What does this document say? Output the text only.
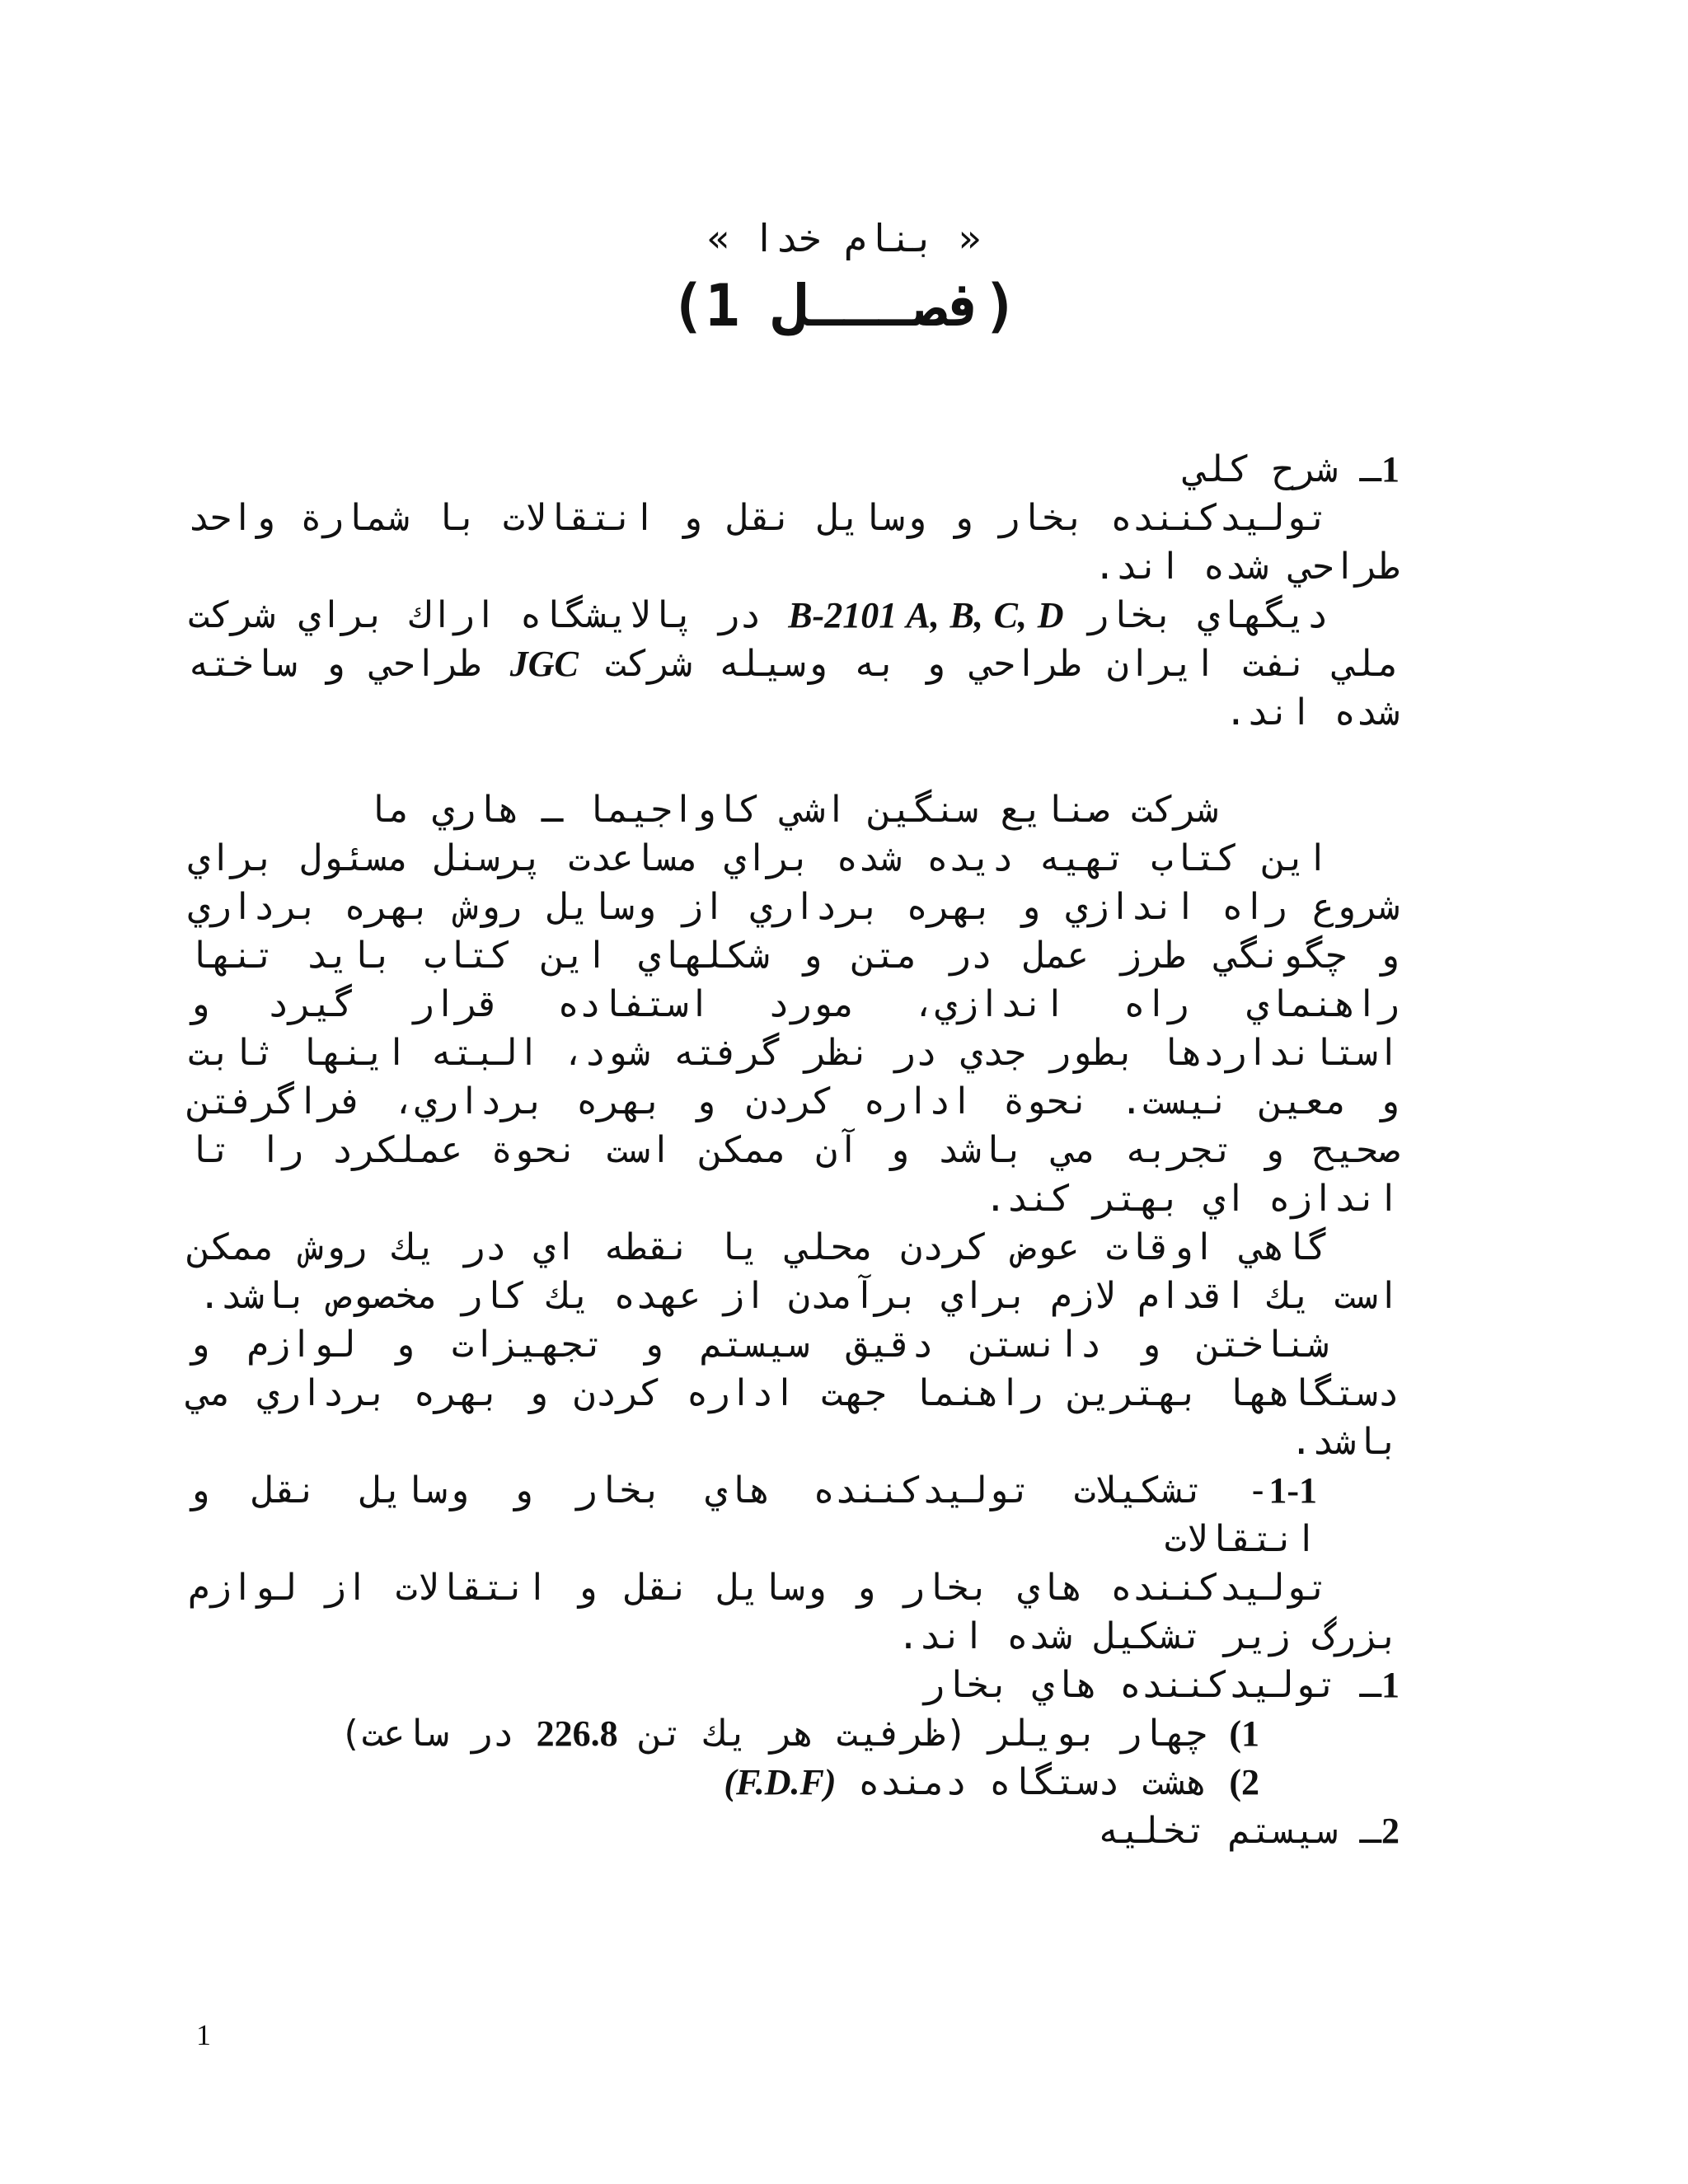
« بنام خدا »
(فصـــل 1)

1ـ شرح كلي

توليدكننده بخار و وسايل نقل و انتقالات با شمارة واحد طراحي شده اند.

ديگهاي بخار B-2101 A, B, C, D در پالايشگاه اراك براي شركت ملي نفت ايران طراحي و به وسيله شركت JGC طراحي و ساخته شده اند.

شركت صنايع سنگين اشي كاواجيما ـ هاري ما

اين كتاب تهيه ديده شده براي مساعدت پرسنل مسئول براي شروع راه اندازي و بهره برداري از وسايل روش بهره برداري و چگونگي طرز عمل در متن و شكلهاي اين كتاب بايد تنها راهنماي راه اندازي، مورد استفاده قرار گيرد و استانداردها بطور جدي در نظر گرفته شود، البته اينها ثابت و معين نيست. نحوة اداره كردن و بهره برداري، فراگرفتن صحيح و تجربه مي باشد و آن ممكن است نحوة عملكرد را تا اندازه اي بهتر كند.

گاهي اوقات عوض كردن محلي يا نقطه اي در يك روش ممكن است يك اقدام لازم براي برآمدن از عهده يك كار مخصوص باشد.

شناختن و دانستن دقيق سيستم و تجهيزات و لوازم و دستگاهها بهترين راهنما جهت اداره كردن و بهره برداري مي باشد.

1-1- تشكيلات توليدكننده هاي بخار و وسايل نقل و انتقالات

توليدكننده هاي بخار و وسايل نقل و انتقالات از لوازم بزرگ زير تشكيل شده اند.

1ـ توليدكننده هاي بخار

1) چهار بويلر (ظرفيت هر يك تن 226.8 در ساعت)

2) هشت دستگاه دمنده (F.D.F)

2ـ سيستم تخليه

1
